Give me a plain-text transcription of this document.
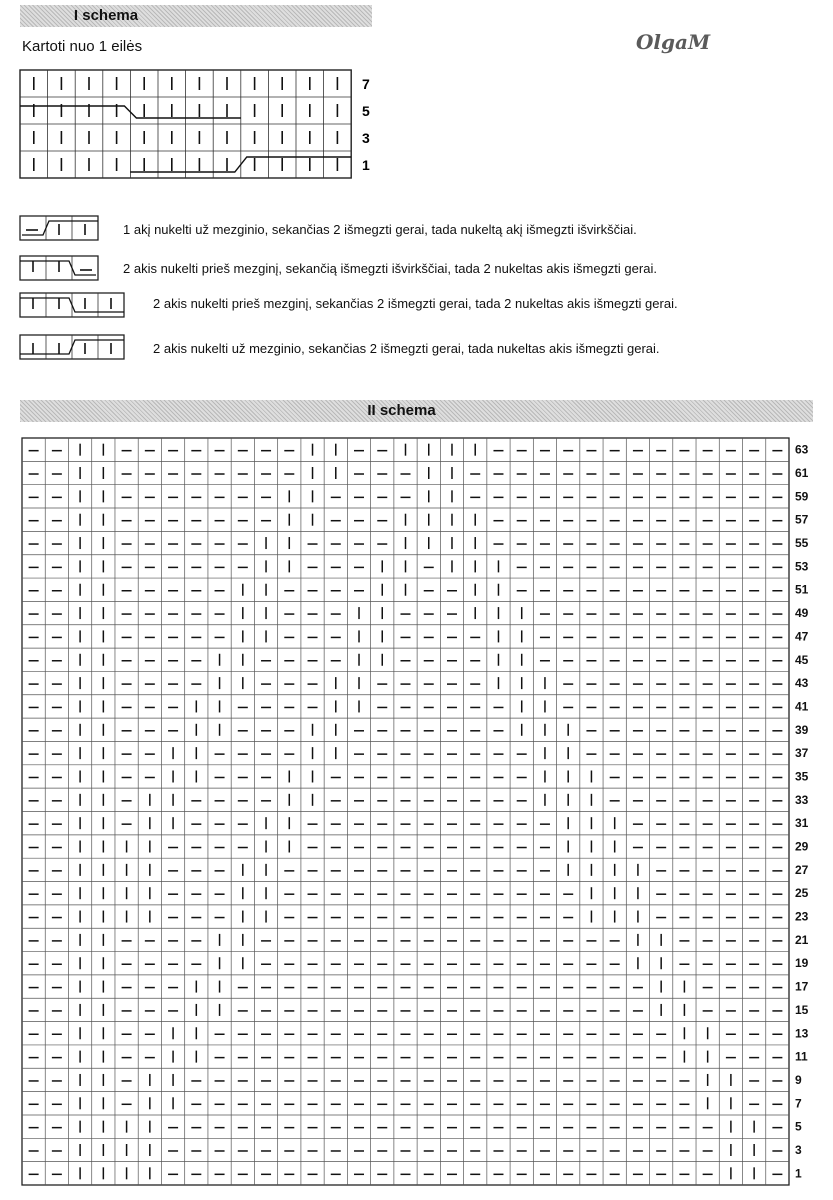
I schema
Kartoti nuo 1 eilės	OlgaM
7
5
3
1
1 akį nukelti už mezginio, sekančias 2 išmegzti gerai, tada nukeltą akį išmegzti išvirkščiai.
2 akis nukelti prieš mezginį, sekančią išmegzti išvirkščiai, tada 2 nukeltas akis išmegzti gerai.
2 akis nukelti prieš mezginį, sekančias 2 išmegzti gerai, tada 2 nukeltas akis išmegzti gerai.
2 akis nukelti už mezginio, sekančias 2 išmegzti gerai, tada nukeltas akis išmegzti gerai.
II schema
63
61
59
57
55
53
51
49
47
45
43
41
39
37
35
33
31
29
27
25
23
21
19
17
15
13
11
9
7
5
3
1
